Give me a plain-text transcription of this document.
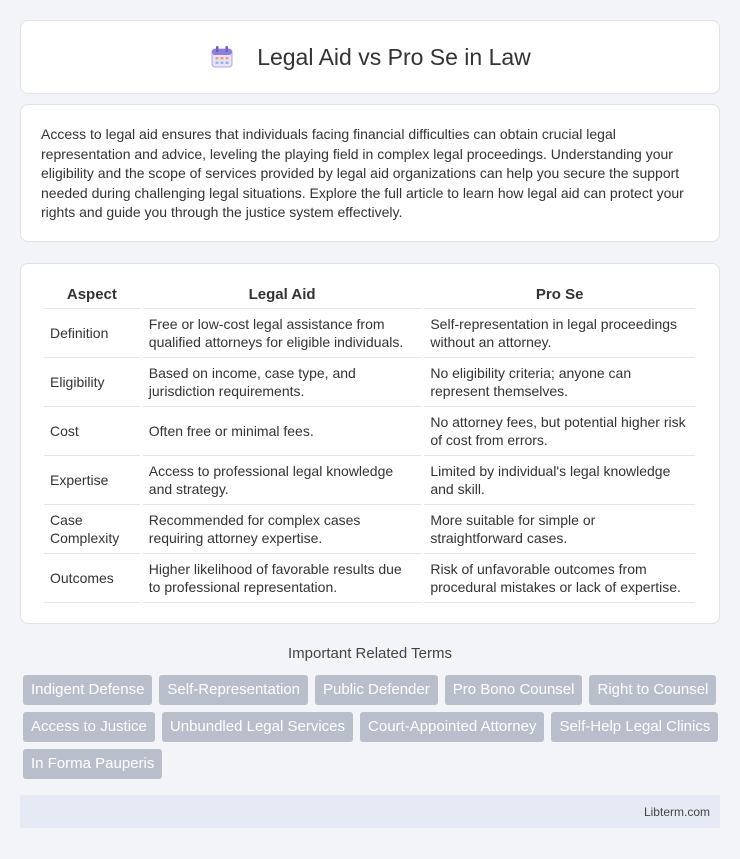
Legal Aid vs Pro Se in Law

Access to legal aid ensures that individuals facing financial difficulties can obtain crucial legal representation and advice, leveling the playing field in complex legal proceedings. Understanding your eligibility and the scope of services provided by legal aid organizations can help you secure the support needed during challenging legal situations. Explore the full article to learn how legal aid can protect your rights and guide you through the justice system effectively.

Aspect	Legal Aid	Pro Se
Definition	Free or low-cost legal assistance from qualified attorneys for eligible individuals.	Self-representation in legal proceedings without an attorney.
Eligibility	Based on income, case type, and jurisdiction requirements.	No eligibility criteria; anyone can represent themselves.
Cost	Often free or minimal fees.	No attorney fees, but potential higher risk of cost from errors.
Expertise	Access to professional legal knowledge and strategy.	Limited by individual's legal knowledge and skill.
Case Complexity	Recommended for complex cases requiring attorney expertise.	More suitable for simple or straightforward cases.
Outcomes	Higher likelihood of favorable results due to professional representation.	Risk of unfavorable outcomes from procedural mistakes or lack of expertise.
Important Related Terms
Indigent Defense	Self-Representation	Public Defender	Pro Bono Counsel	Right to Counsel
Access to Justice	Unbundled Legal Services	Court-Appointed Attorney	Self-Help Legal Clinics
In Forma Pauperis
Libterm.com
